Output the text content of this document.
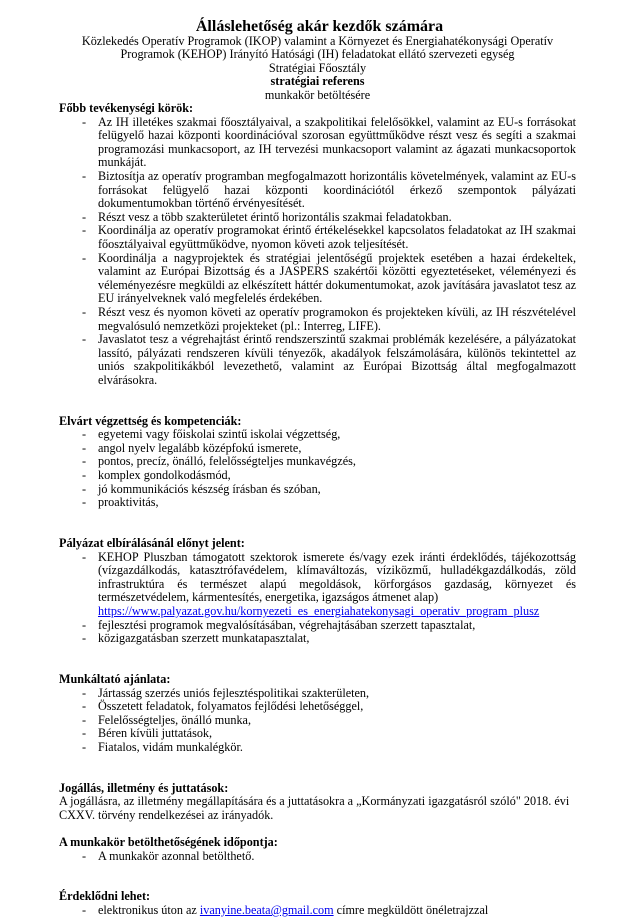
Álláslehetőség akár kezdők számára
Közlekedés Operatív Programok (IKOP) valamint a Környezet és Energiahatékonysági Operatív
Programok (KEHOP) Irányító Hatósági (IH) feladatokat ellátó szervezeti egység
Stratégiai Főosztály
stratégiai referens
munkakör betöltésére
Főbb tevékenységi körök:
- Az IH illetékes szakmai főosztályaival, a szakpolitikai felelősökkel, valamint az EU-s forrásokat felügyelő hazai központi koordinációval szorosan együttműködve részt vesz és segíti a szakmai programozási munkacsoport, az IH tervezési munkacsoport valamint az ágazati munkacsoportok munkáját.
- Biztosítja az operatív programban megfogalmazott horizontális követelmények, valamint az EU-s forrásokat felügyelő hazai központi koordinációtól érkező szempontok pályázati dokumentumokban történő érvényesítését.
- Részt vesz a több szakterületet érintő horizontális szakmai feladatokban.
- Koordinálja az operatív programokat érintő értékelésekkel kapcsolatos feladatokat az IH szakmai főosztályaival együttműködve, nyomon követi azok teljesítését.
- Koordinálja a nagyprojektek és stratégiai jelentőségű projektek esetében a hazai érdekeltek, valamint az Európai Bizottság és a JASPERS szakértői közötti egyeztetéseket, véleményezi és véleményezésre megküldi az elkészített háttér dokumentumokat, azok javítására javaslatot tesz az EU irányelveknek való megfelelés érdekében.
- Részt vesz és nyomon követi az operatív programokon és projekteken kívüli, az IH részvételével megvalósuló nemzetközi projekteket (pl.: Interreg, LIFE).
- Javaslatot tesz a végrehajtást érintő rendszerszintű szakmai problémák kezelésére, a pályázatokat lassító, pályázati rendszeren kívüli tényezők, akadályok felszámolására, különös tekintettel az uniós szakpolitikákból levezethető, valamint az Európai Bizottság által megfogalmazott elvárásokra.
Elvárt végzettség és kompetenciák:
- egyetemi vagy főiskolai szintű iskolai végzettség,
- angol nyelv legalább középfokú ismerete,
- pontos, precíz, önálló, felelősségteljes munkavégzés,
- komplex gondolkodásmód,
- jó kommunikációs készség írásban és szóban,
- proaktivitás,
Pályázat elbírálásánál előnyt jelent:
- KEHOP Pluszban támogatott szektorok ismerete és/vagy ezek iránti érdeklődés, tájékozottság (vízgazdálkodás, katasztrófavédelem, klímaváltozás, víziközmű, hulladékgazdálkodás, zöld infrastruktúra és természet alapú megoldások, körforgásos gazdaság, környezet és természetvédelem, kármentesítés, energetika, igazságos átmenet alap)
https://www.palyazat.gov.hu/kornyezeti_es_energiahatekonysagi_operativ_program_plusz
- fejlesztési programok megvalósításában, végrehajtásában szerzett tapasztalat,
- közigazgatásban szerzett munkatapasztalat,
Munkáltató ajánlata:
- Jártasság szerzés uniós fejlesztéspolitikai szakterületen,
- Összetett feladatok, folyamatos fejlődési lehetőséggel,
- Felelősségteljes, önálló munka,
- Béren kívüli juttatások,
- Fiatalos, vidám munkalégkör.
Jogállás, illetmény és juttatások:

A jogállásra, az illetmény megállapítására és a juttatásokra a „Kormányzati igazgatásról szóló" 2018. évi CXXV. törvény rendelkezései az irányadók.

A munkakör betölthetőségének időpontja:
- A munkakör azonnal betölthető.
Érdeklődni lehet:
- elektronikus úton az ivanyine.beata@gmail.com címre megküldött önéletrajzzal
